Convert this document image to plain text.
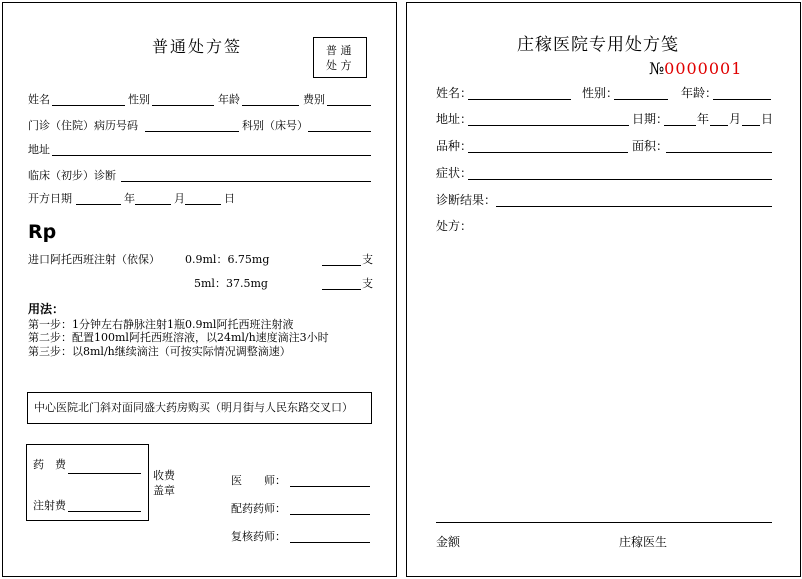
普通处方签	普 通
处 方
姓名	性别	年龄	费别
门诊（住院）病历号码	科别（床号）
地址
临床（初步）诊断
开方日期	年	月	日
Rp
进口阿托西班注射（依保） 0.9ml：6.75mg	支
5ml：37.5mg	支
用法：
第一步：1分钟左右静脉注射1瓶0.9ml阿托西班注射液
第二步：配置100ml阿托西班溶液，以24ml/h速度滴注3小时
第三步：以8ml/h继续滴注（可按实际情况调整滴速）
中心医院北门斜对面同盛大药房购买（明月街与人民东路交叉口）
药　费
注射费
收费
盖章
医　　师：
配药药师：
复核药师：
庄稼医院专用处方笺
№0000001
姓名：	性别：	年龄：
地址：	日期： 年 月 日
品种：	面积：
症状：
诊断结果：
处方：
金额	庄稼医生
